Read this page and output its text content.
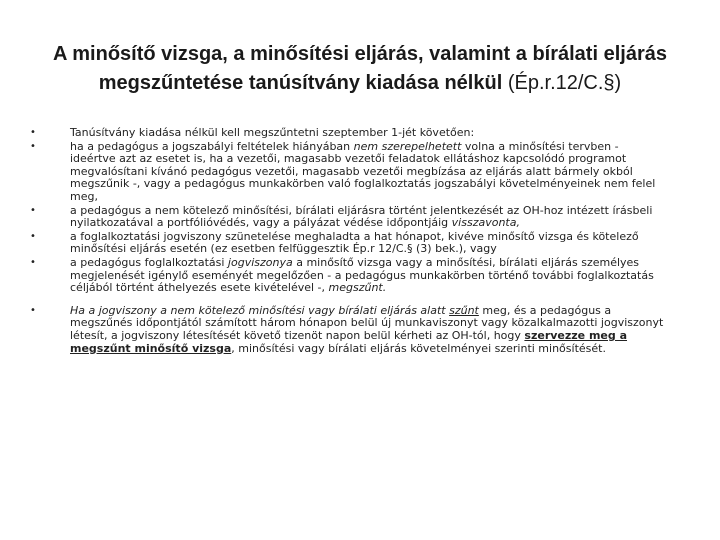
A minősítő vizsga, a minősítési eljárás, valamint a bírálati eljárás megszűntetése tanúsítvány kiadása nélkül (Ép.r.12/C.§)
•	Tanúsítvány kiadása nélkül kell megszűntetni szeptember 1-jét követően:
•	ha a pedagógus a jogszabályi feltételek hiányában nem szerepelhetett volna a minősítési tervben - ideértve azt az esetet is, ha a vezetői, magasabb vezetői feladatok ellátáshoz kapcsolódó programot megvalósítani kívánó pedagógus vezetői, magasabb vezetői megbízása az eljárás alatt bármely okból megszűnik -, vagy a pedagógus munkakörben való foglalkoztatás jogszabályi követelményeinek nem felel meg,
•	a pedagógus a nem kötelező minősítési, bírálati eljárásra történt jelentkezését az OH-hoz intézett írásbeli nyilatkozatával a portfólióvédés, vagy a pályázat védése időpontjáig visszavonta,
•	a foglalkoztatási jogviszony szünetelése meghaladta a hat hónapot, kivéve minősítő vizsga és kötelező minősítési eljárás esetén (ez esetben felfüggesztik Ép.r 12/C.§ (3) bek.), vagy
•	a pedagógus foglalkoztatási jogviszonya a minősítő vizsga vagy a minősítési, bírálati eljárás személyes megjelenését igénylő eseményét megelőzően - a pedagógus munkakörben történő további foglalkoztatás céljából történt áthelyezés esete kivételével -, megszűnt.
•	Ha a jogviszony a nem kötelező minősítési vagy bírálati eljárás alatt szűnt meg, és a pedagógus a megszűnés időpontjától számított három hónapon belül új munkaviszonyt vagy közalkalmazotti jogviszonyt létesít, a jogviszony létesítését követő tizenöt napon belül kérheti az OH-tól, hogy szervezze meg a megszűnt minősítő vizsga, minősítési vagy bírálati eljárás követelményei szerinti minősítését.
